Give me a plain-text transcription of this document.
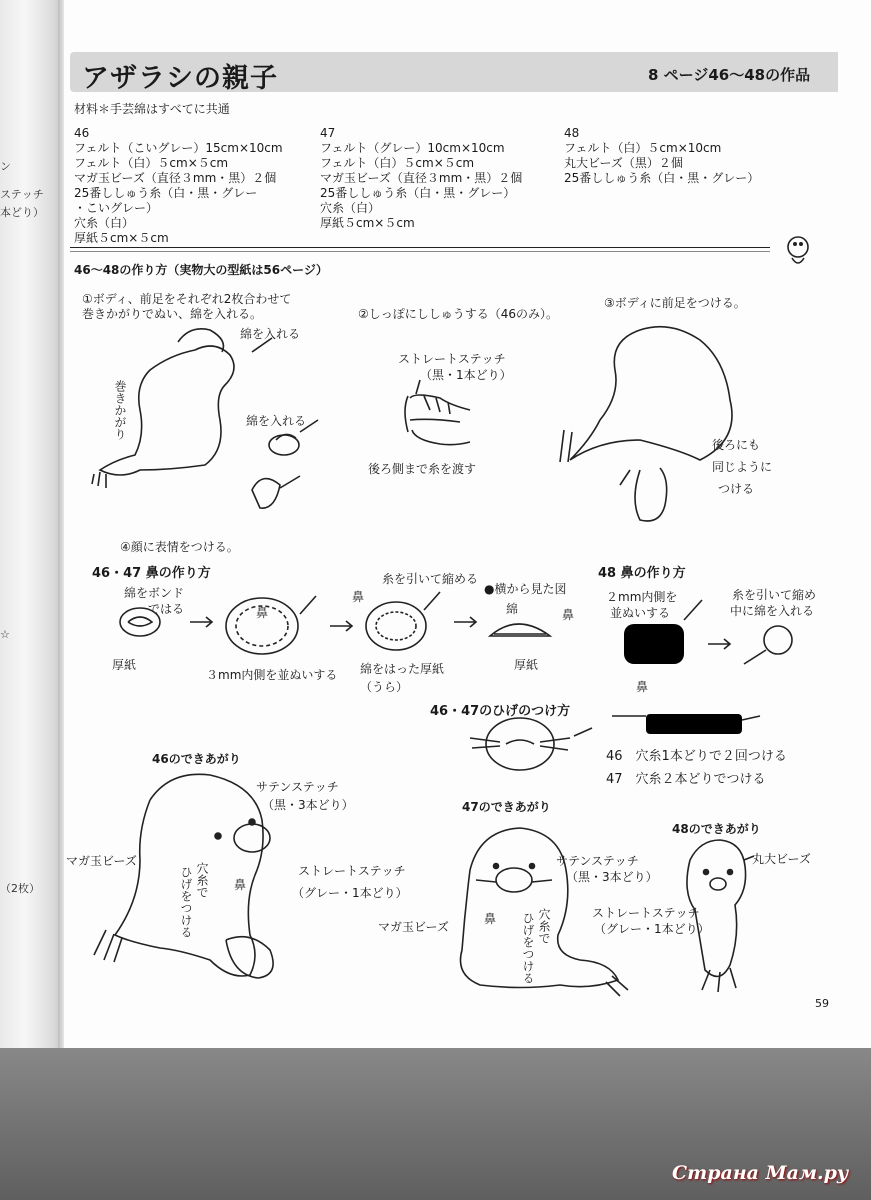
ン
ステッチ
本どり）
☆
（2枚）
アザラシの親子	8 ページ46〜48の作品
材料＊手芸綿はすべてに共通
46
フェルト（こいグレー）15cm×10cm
フェルト（白）５cm×５cm
マガ玉ビーズ（直径３mm・黒）２個
25番ししゅう糸（白・黒・グレー
・こいグレー）
穴糸（白）
厚紙５cm×５cm
47
フェルト（グレー）10cm×10cm
フェルト（白）５cm×５cm
マガ玉ビーズ（直径３mm・黒）２個
25番ししゅう糸（白・黒・グレー）
穴糸（白）
厚紙５cm×５cm
48
フェルト（白）５cm×10cm
丸大ビーズ（黒）２個
25番ししゅう糸（白・黒・グレー）
46〜48の作り方（実物大の型紙は56ページ）
①ボディ、前足をそれぞれ2枚合わせて
巻きかがりでぬい、綿を入れる。	②しっぽにししゅうする（46のみ）。
③ボディに前足をつける。
綿を入れる
綿を入れる
巻きかがり
ストレートステッチ
（黒・1本どり）
後ろ側まで糸を渡す
後ろにも
同じように
つける
④顔に表情をつける。
46・47 鼻の作り方
綿をボンド
ではる
厚紙
鼻
３mm内側を並ぬいする
鼻
糸を引いて縮める
綿をはった厚紙
（うら）
●横から見た図
綿	鼻
厚紙
48 鼻の作り方
２mm内側を
並ぬいする
糸を引いて縮め
中に綿を入れる
鼻
46・47のひげのつけ方
46　穴糸1本どりで２回つける
47　穴糸２本どりでつける
46のできあがり
サテンステッチ
（黒・3本どり）
マガ玉ビーズ
鼻
ストレートステッチ
（グレー・1本どり）
穴糸で
ひげをつける
47のできあがり
サテンステッチ
（黒・3本どり）
マガ玉ビーズ
鼻	ストレートステッチ
（グレー・1本どり）
穴糸で
ひげをつける
48のできあがり
丸大ビーズ
59
Страна Мам.ру
